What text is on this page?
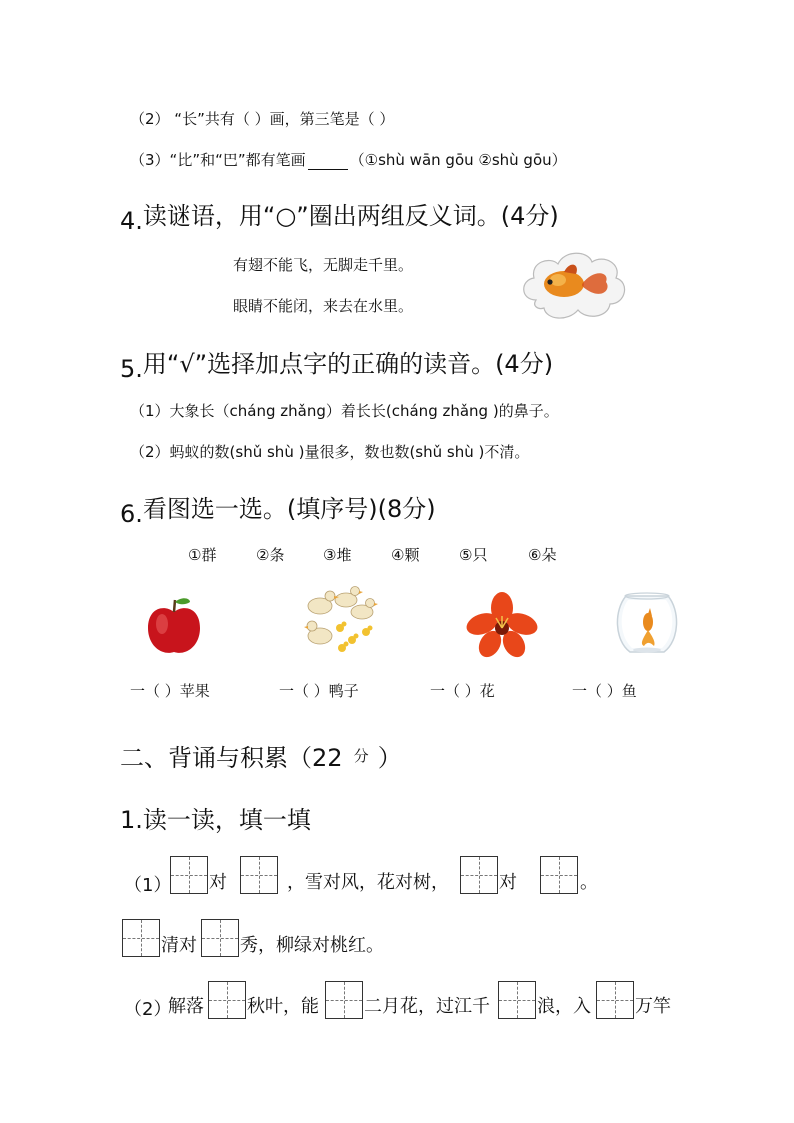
（2） “长”共有（ ）画，第三笔是（ ）
（3）“比”和“巴”都有笔画	（①shù wān gōu ②shù gōu）
4.读谜语，用“○”圈出两组反义词。(4分)
有翅不能飞，无脚走千里。
眼睛不能闭，来去在水里。
5.用“√”选择加点字的正确的读音。(4分)
（1）大象长（cháng zhǎng）着长长(cháng zhǎng )的鼻子。
（2）蚂蚁的数(shǔ shù )量很多，数也数(shǔ shù )不清。
6.看图选一选。(填序号)(8分)
①群	②条	③堆	④颗	⑤只	⑥朵
一（ ）苹果	一（ ）鸭子	一（ ）花	一（ ）鱼
二、背诵与积累（22 分 ）
1.读一读，填一填
（1） 对	，雪对风，花对树，	对	。
清对 秀，柳绿对桃红。
（2）
解落 秋叶，能	二月花，过江千	浪，入 万竿
